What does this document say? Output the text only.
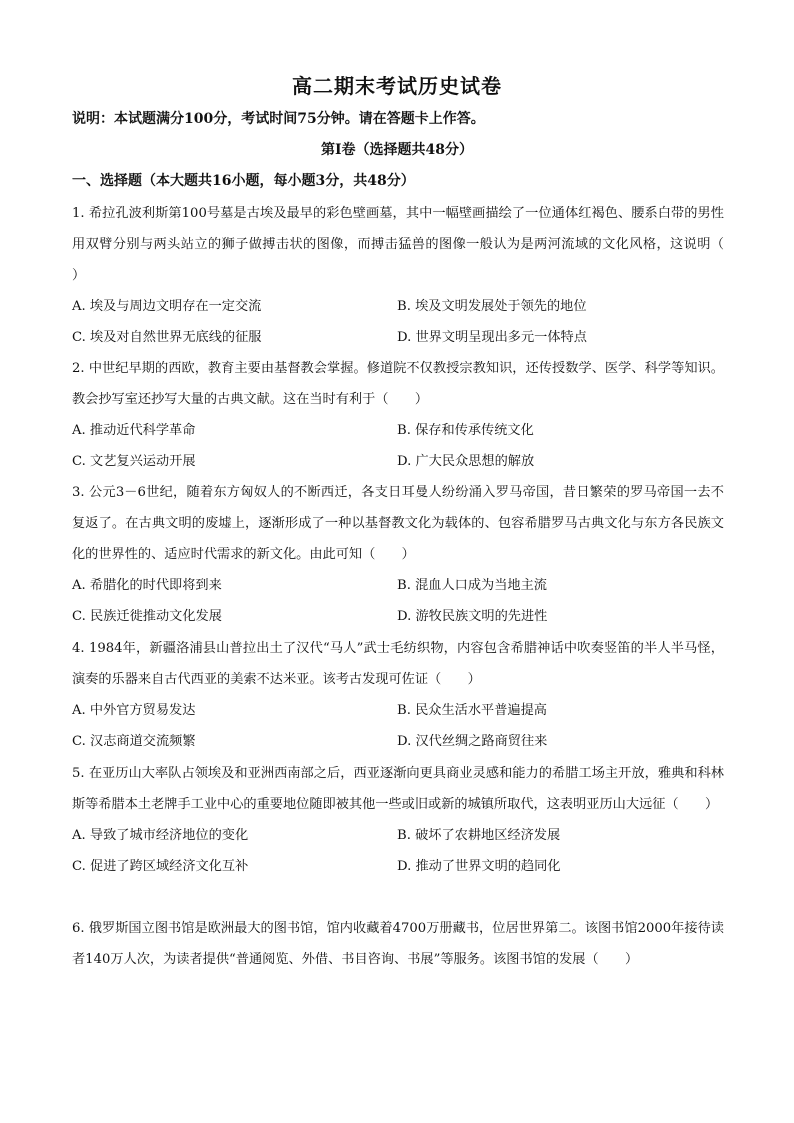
高二期末考试历史试卷
说明：本试题满分100分，考试时间75分钟。请在答题卡上作答。
第Ⅰ卷（选择题共48分）
一、选择题（本大题共16小题，每小题3分，共48分）

1. 希拉孔波利斯第100号墓是古埃及最早的彩色壁画墓，其中一幅壁画描绘了一位通体红褐色、腰系白带的男性用双臂分别与两头站立的狮子做搏击状的图像，而搏击猛兽的图像一般认为是两河流域的文化风格，这说明（　　）

A. 埃及与周边文明存在一定交流	B. 埃及文明发展处于领先的地位
C. 埃及对自然世界无底线的征服	D. 世界文明呈现出多元一体特点

2. 中世纪早期的西欧，教育主要由基督教会掌握。修道院不仅教授宗教知识，还传授数学、医学、科学等知识。教会抄写室还抄写大量的古典文献。这在当时有利于（　　）

A. 推动近代科学革命	B. 保存和传承传统文化
C. 文艺复兴运动开展	D. 广大民众思想的解放

3. 公元3－6世纪，随着东方匈奴人的不断西迁，各支日耳曼人纷纷涌入罗马帝国，昔日繁荣的罗马帝国一去不复返了。在古典文明的废墟上，逐渐形成了一种以基督教文化为载体的、包容希腊罗马古典文化与东方各民族文化的世界性的、适应时代需求的新文化。由此可知（　　）

A. 希腊化的时代即将到来	B. 混血人口成为当地主流
C. 民族迁徙推动文化发展	D. 游牧民族文明的先进性

4. 1984年，新疆洛浦县山普拉出土了汉代“马人”武士毛纺织物，内容包含希腊神话中吹奏竖笛的半人半马怪，演奏的乐器来自古代西亚的美索不达米亚。该考古发现可佐证（　　）

A. 中外官方贸易发达	B. 民众生活水平普遍提高
C. 汉志商道交流频繁	D. 汉代丝绸之路商贸往来

5. 在亚历山大率队占领埃及和亚洲西南部之后，西亚逐渐向更具商业灵感和能力的希腊工场主开放，雅典和科林斯等希腊本土老牌手工业中心的重要地位随即被其他一些或旧或新的城镇所取代，这表明亚历山大远征（　　）

A. 导致了城市经济地位的变化	B. 破坏了农耕地区经济发展
C. 促进了跨区域经济文化互补	D. 推动了世界文明的趋同化

6. 俄罗斯国立图书馆是欧洲最大的图书馆，馆内收藏着4700万册藏书，位居世界第二。该图书馆2000年接待读者140万人次，为读者提供“普通阅览、外借、书目咨询、书展”等服务。该图书馆的发展（　　）
